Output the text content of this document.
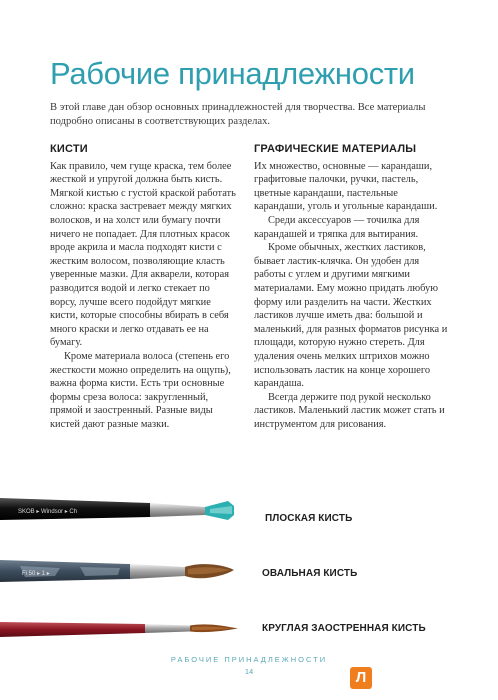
Рабочие принадлежности
В этой главе дан обзор основных принадлежностей для творчества. Все материалы подробно описаны в соответствующих разделах.
КИСТИ

Как правило, чем гуще краска, тем более жесткой и упругой должна быть кисть. Мягкой кистью с густой краской работать сложно: краска застревает между мягких волосков, и на холст или бумагу почти ничего не попадает. Для плотных красок вроде акрила и масла подходят кисти с жестким волосом, позволяющие класть уверенные мазки. Для акварели, которая разводится водой и легко стекает по ворсу, лучше всего подойдут мягкие кисти, которые способны вбирать в себя много краски и легко отдавать ее на бумагу.

Кроме материала волоса (степень его жесткости можно определить на ощупь), важна форма кисти. Есть три основные формы среза волоса: закругленный, прямой и заостренный. Разные виды кистей дают разные мазки.

ГРАФИЧЕСКИЕ МАТЕРИАЛЫ

Их множество, основные — карандаши, графитовые палочки, ручки, пастель, цветные карандаши, пастельные карандаши, уголь и угольные карандаши.

Среди аксессуаров — точилка для карандашей и тряпка для вытирания.

Кроме обычных, жестких ластиков, бывает ластик-клячка. Он удобен для работы с углем и другими мягкими материалами. Ему можно придать любую форму или разделить на части. Жестких ластиков лучше иметь два: большой и маленький, для разных форматов рисунка и площади, которую нужно стереть. Для удаления очень мелких штрихов можно использовать ластик на конце хорошего карандаша.

Всегда держите под рукой несколько ластиков. Маленький ластик может стать и инструментом для рисования.

SKOB ▸ Windsor ▸ Ch
Fi 50 ▸ 1 ▸
ПЛОСКАЯ КИСТЬ
ОВАЛЬНАЯ КИСТЬ
КРУГЛАЯ ЗАОСТРЕННАЯ КИСТЬ
РАБОЧИЕ ПРИНАДЛЕЖНОСТИ
14	Л
